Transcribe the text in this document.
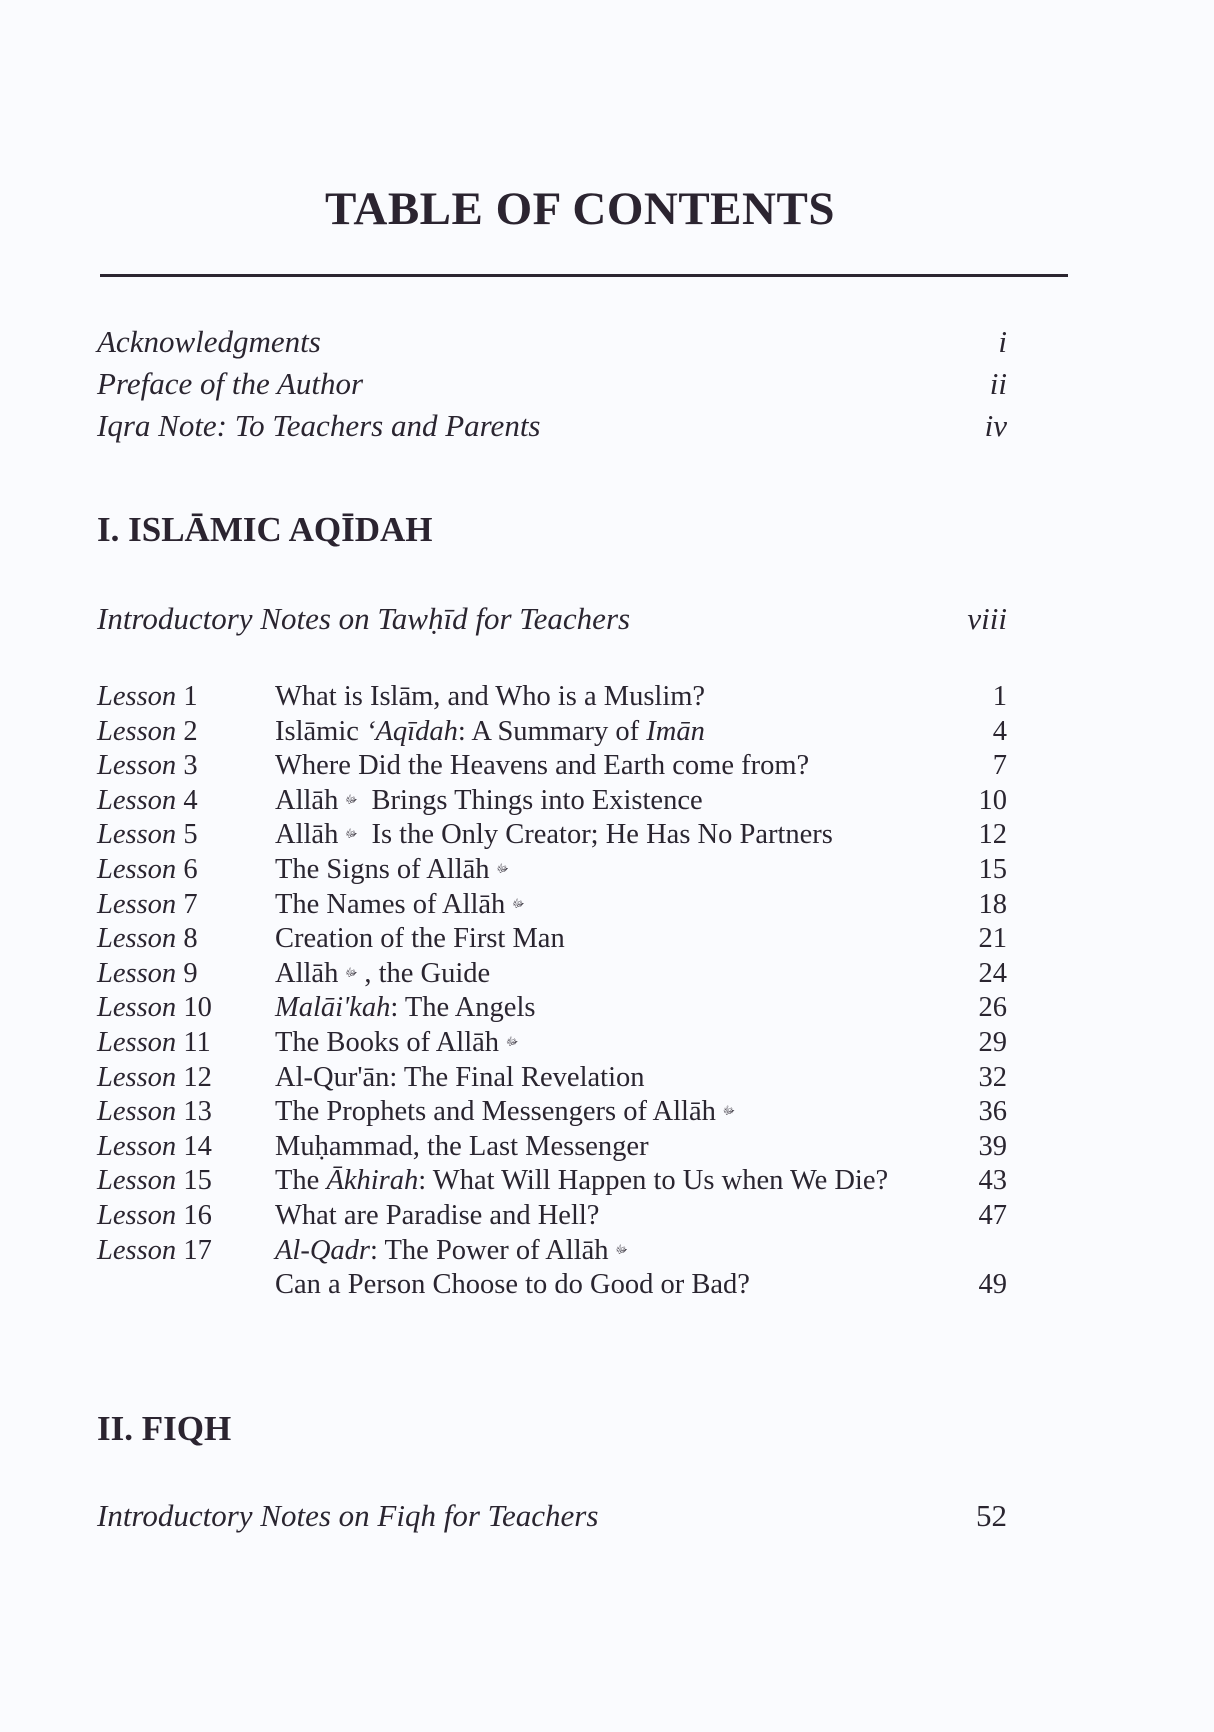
TABLE OF CONTENTS
Acknowledgments	i
Preface of the Author	ii
Iqra Note: To Teachers and Parents	iv
I. ISLĀMIC AQĪDAH
Introductory Notes on Tawḥīd for Teachers	viii
Lesson 1	What is Islām, and Who is a Muslim?	1
Lesson 2	Islāmic ‘Aqīdah: A Summary of Imān	4
Lesson 3	Where Did the Heavens and Earth come from?	7
Lesson 4	Allāh ﷻ Brings Things into Existence	10
Lesson 5	Allāh ﷻ Is the Only Creator; He Has No Partners	12
Lesson 6	The Signs of Allāh ﷻ	15
Lesson 7	The Names of Allāh ﷻ	18
Lesson 8	Creation of the First Man	21
Lesson 9	Allāh ﷻ , the Guide	24
Lesson 10 Malāi'kah: The Angels	26
Lesson 11 The Books of Allāh ﷻ	29
Lesson 12 Al-Qur'ān: The Final Revelation	32
Lesson 13 The Prophets and Messengers of Allāh ﷻ	36
Lesson 14 Muḥammad, the Last Messenger	39
Lesson 15 The Ākhirah: What Will Happen to Us when We Die?	43
Lesson 16 What are Paradise and Hell?	47
Lesson 17 Al-Qadr: The Power of Allāh ﷻ
Can a Person Choose to do Good or Bad?	49
II. FIQH
Introductory Notes on Fiqh for Teachers	52
